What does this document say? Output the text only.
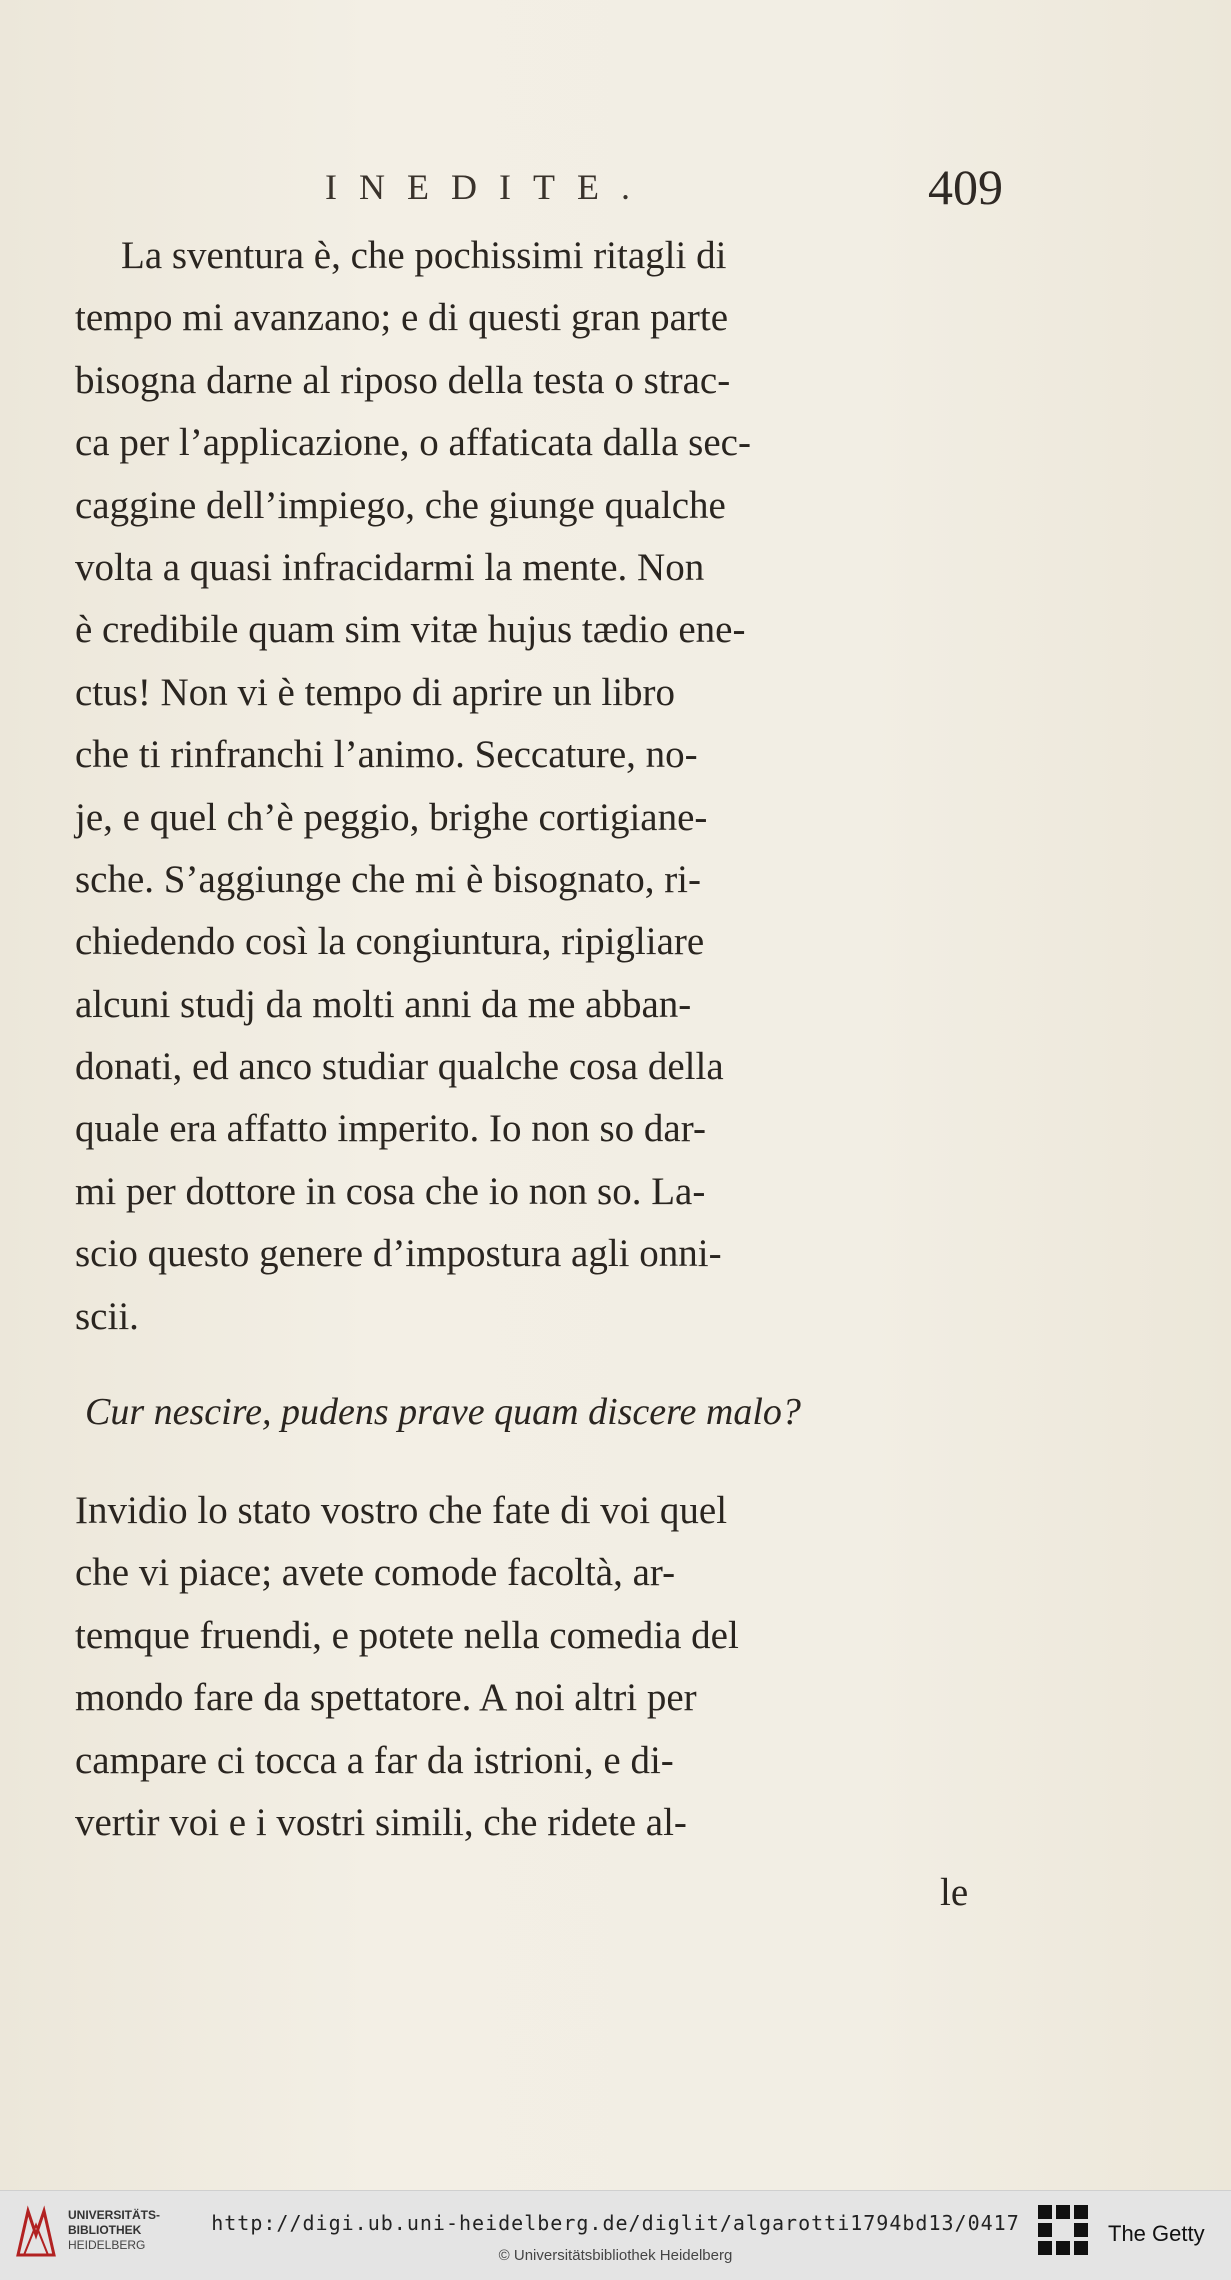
INEDITE.	409
La sventura è, che pochissimi ritagli di
tempo mi avanzano; e di questi gran parte
bisogna darne al riposo della testa o strac-
ca per l’applicazione, o affaticata dalla sec-
caggine dell’impiego, che giunge qualche
volta a quasi infracidarmi la mente. Non
è credibile quam sim vitæ hujus tædio ene-
ctus! Non vi è tempo di aprire un libro
che ti rinfranchi l’animo. Seccature, no-
je, e quel ch’è peggio, brighe cortigiane-
sche. S’aggiunge che mi è bisognato, ri-
chiedendo così la congiuntura, ripigliare
alcuni studj da molti anni da me abban-
donati, ed anco studiar qualche cosa della
quale era affatto imperito. Io non so dar-
mi per dottore in cosa che io non so. La-
scio questo genere d’impostura agli onni-
scii.
Cur nescire, pudens prave quam discere malo?
Invidio lo stato vostro che fate di voi quel
che vi piace; avete comode facoltà, ar-
temque fruendi, e potete nella comedia del
mondo fare da spettatore. A noi altri per
campare ci tocca a far da istrioni, e di-
vertir voi e i vostri simili, che ridete al-
le
UNIVERSITÄTS-
BIBLIOTHEK
HEIDELBERG
http://digi.ub.uni-heidelberg.de/diglit/algarotti1794bd13/0417
© Universitätsbibliothek Heidelberg
The Getty
